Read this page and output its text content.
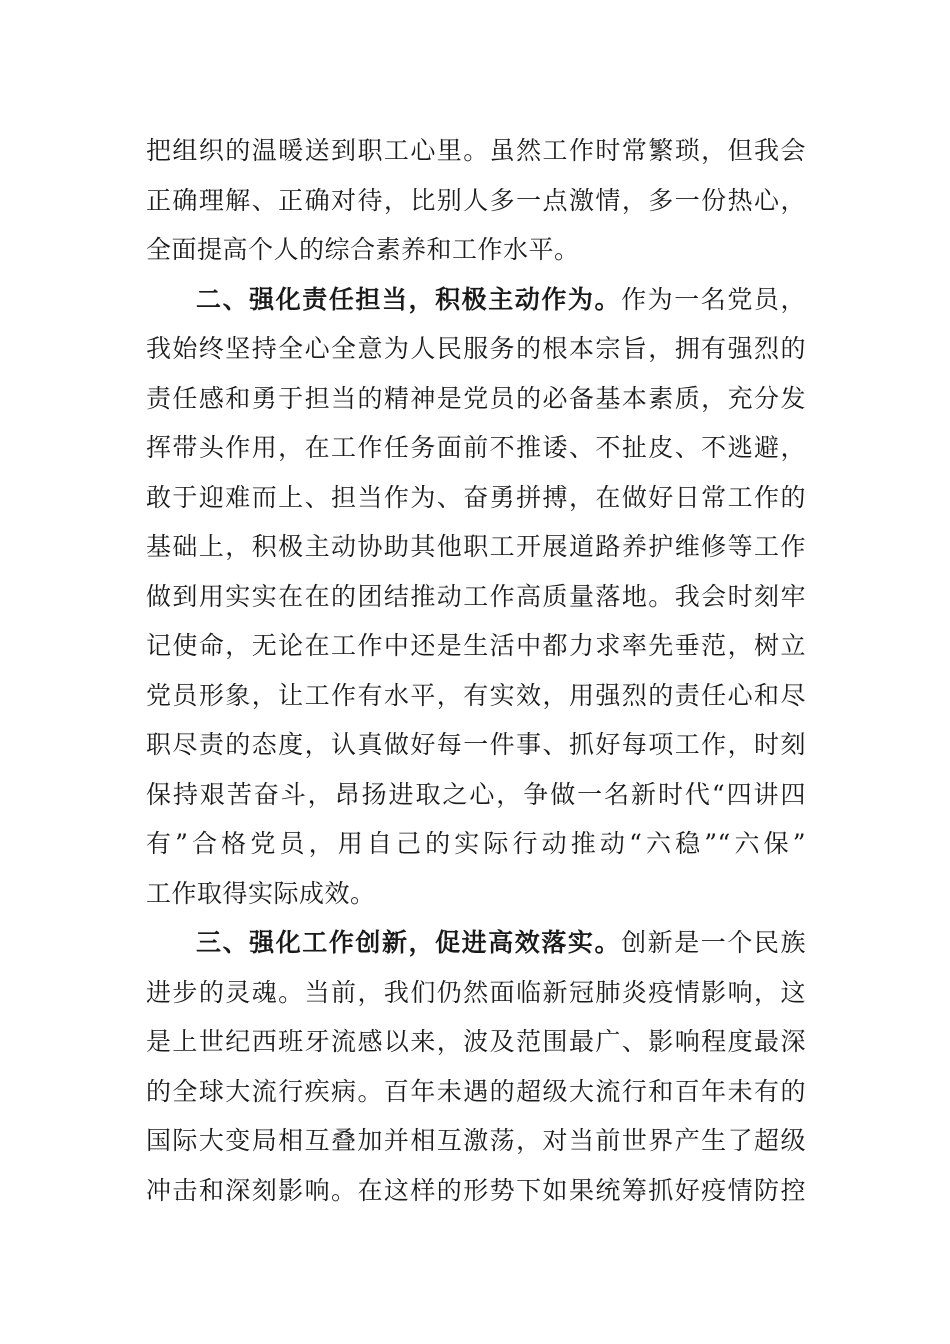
把组织的温暖送到职工心里。虽然工作时常繁琐，但我会
正确理解、正确对待，比别人多一点激情，多一份热心，
全面提高个人的综合素养和工作水平。
二、强化责任担当，积极主动作为。作为一名党员，
我始终坚持全心全意为人民服务的根本宗旨，拥有强烈的
责任感和勇于担当的精神是党员的必备基本素质，充分发
挥带头作用，在工作任务面前不推诿、不扯皮、不逃避，
敢于迎难而上、担当作为、奋勇拼搏，在做好日常工作的
基础上，积极主动协助其他职工开展道路养护维修等工作
做到用实实在在的团结推动工作高质量落地。我会时刻牢
记使命，无论在工作中还是生活中都力求率先垂范，树立
党员形象，让工作有水平，有实效，用强烈的责任心和尽
职尽责的态度，认真做好每一件事、抓好每项工作，时刻
保持艰苦奋斗，昂扬进取之心，争做一名新时代“四讲四
有”合格党员，用自己的实际行动推动“六稳”“六保”
工作取得实际成效。
三、强化工作创新，促进高效落实。创新是一个民族
进步的灵魂。当前，我们仍然面临新冠肺炎疫情影响，这
是上世纪西班牙流感以来，波及范围最广、影响程度最深
的全球大流行疾病。百年未遇的超级大流行和百年未有的
国际大变局相互叠加并相互激荡，对当前世界产生了超级
冲击和深刻影响。在这样的形势下如果统筹抓好疫情防控
